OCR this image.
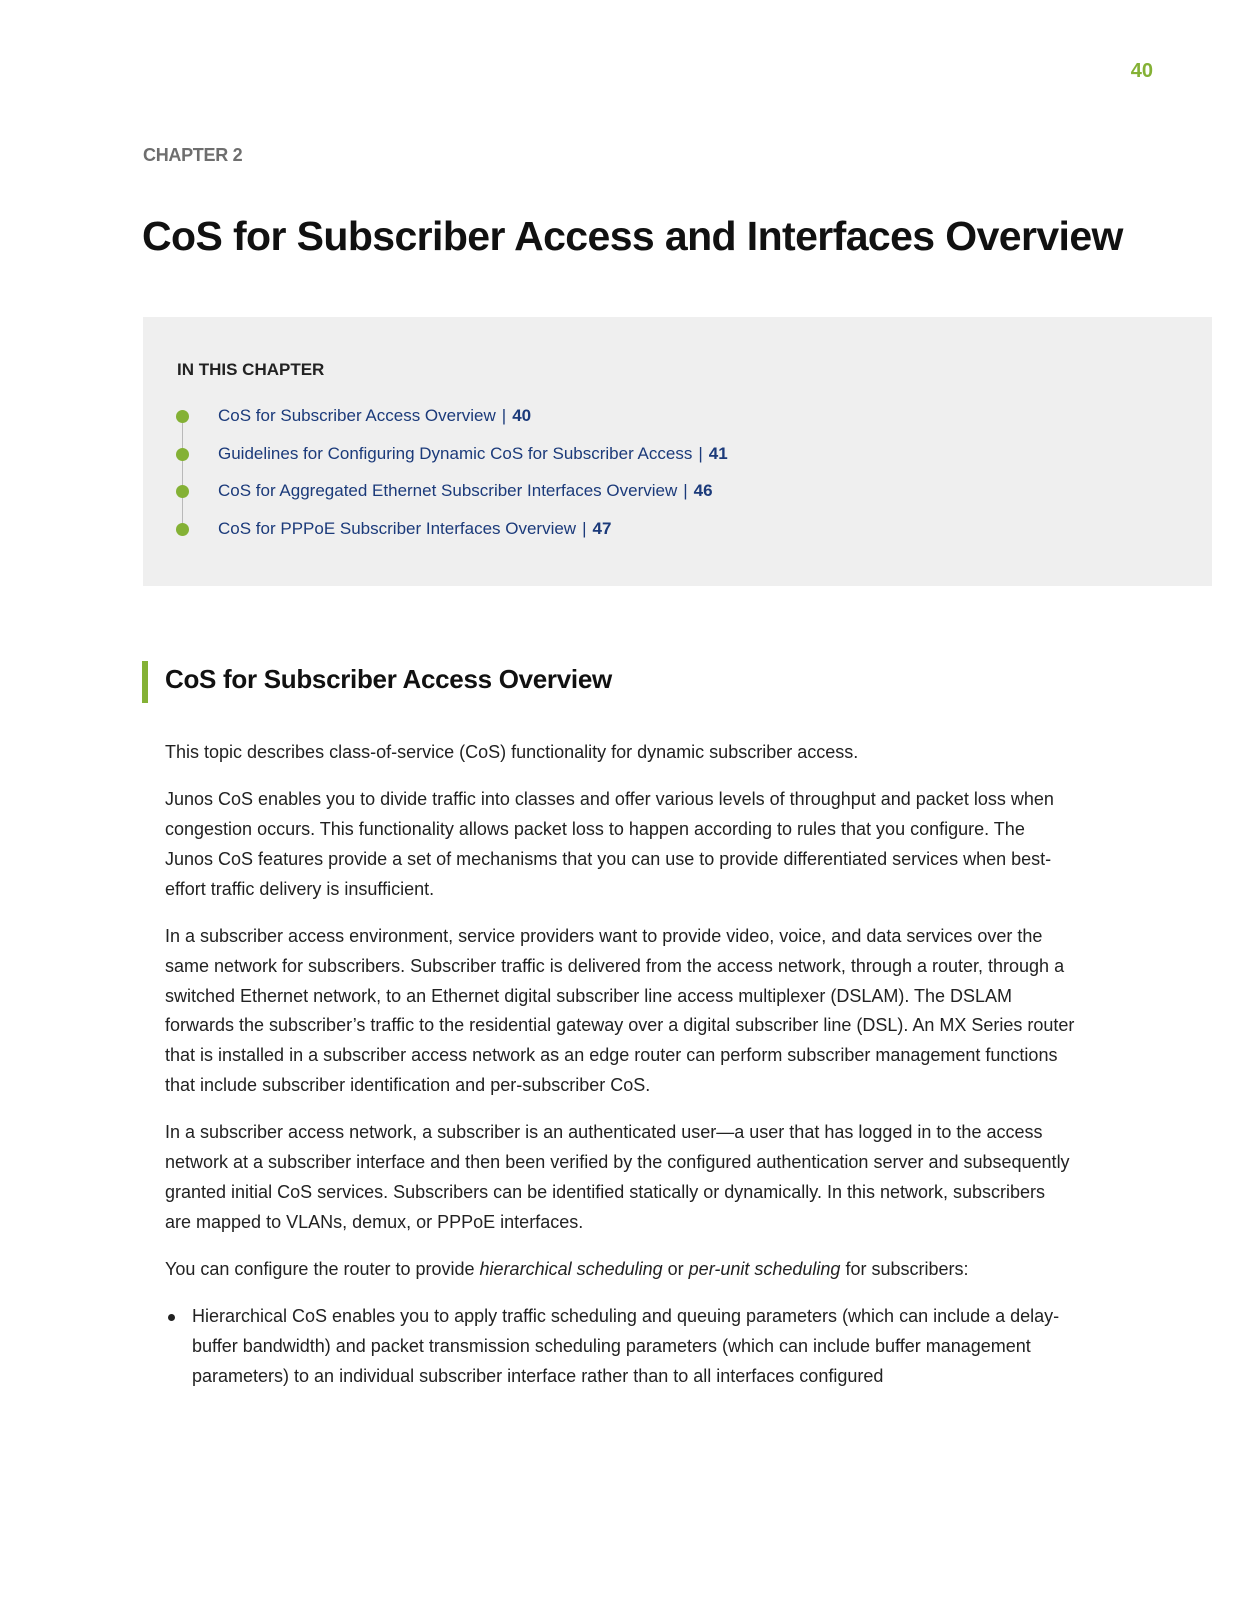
40
CHAPTER 2
CoS for Subscriber Access and Interfaces Overview
IN THIS CHAPTER
CoS for Subscriber Access Overview | 40
Guidelines for Configuring Dynamic CoS for Subscriber Access | 41
CoS for Aggregated Ethernet Subscriber Interfaces Overview | 46
CoS for PPPoE Subscriber Interfaces Overview | 47
CoS for Subscriber Access Overview

This topic describes class-of-service (CoS) functionality for dynamic subscriber access.

Junos CoS enables you to divide traffic into classes and offer various levels of throughput and packet loss when congestion occurs. This functionality allows packet loss to happen according to rules that you configure. The Junos CoS features provide a set of mechanisms that you can use to provide differentiated services when best-effort traffic delivery is insufficient.

In a subscriber access environment, service providers want to provide video, voice, and data services over the same network for subscribers. Subscriber traffic is delivered from the access network, through a router, through a switched Ethernet network, to an Ethernet digital subscriber line access multiplexer (DSLAM). The DSLAM forwards the subscriber’s traffic to the residential gateway over a digital subscriber line (DSL). An MX Series router that is installed in a subscriber access network as an edge router can perform subscriber management functions that include subscriber identification and per-subscriber CoS.

In a subscriber access network, a subscriber is an authenticated user—a user that has logged in to the access network at a subscriber interface and then been verified by the configured authentication server and subsequently granted initial CoS services. Subscribers can be identified statically or dynamically. In this network, subscribers are mapped to VLANs, demux, or PPPoE interfaces.

You can configure the router to provide hierarchical scheduling or per-unit scheduling for subscribers:

Hierarchical CoS enables you to apply traffic scheduling and queuing parameters (which can include a delay-buffer bandwidth) and packet transmission scheduling parameters (which can include buffer management parameters) to an individual subscriber interface rather than to all interfaces configured
